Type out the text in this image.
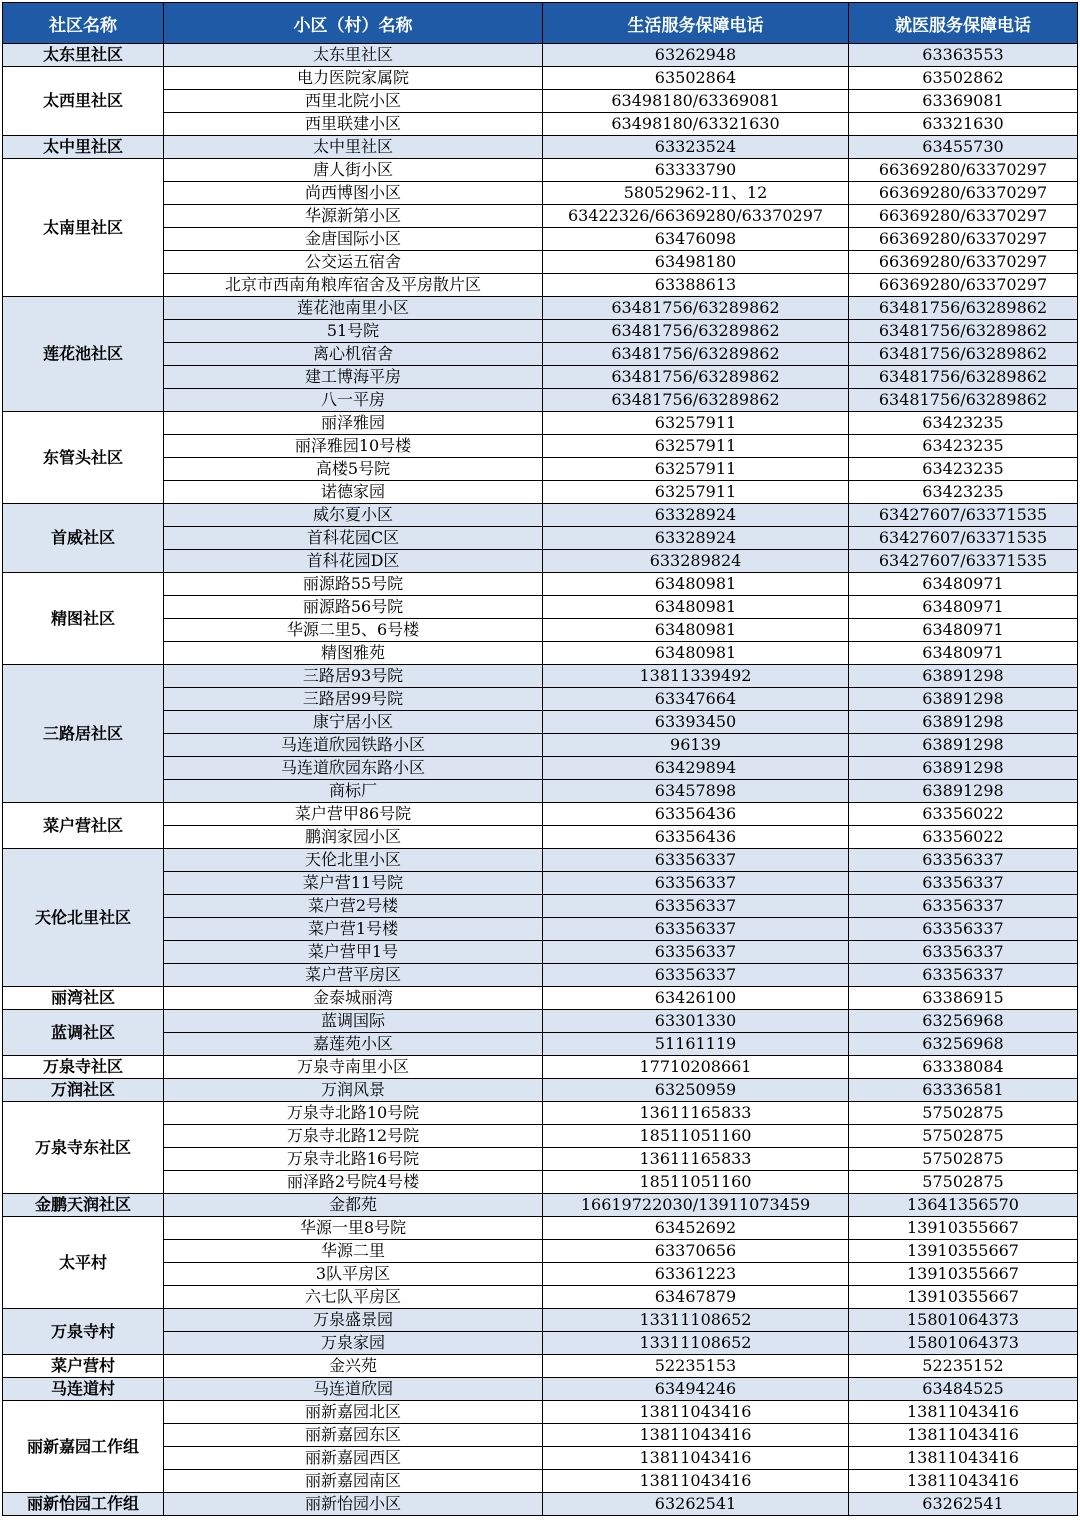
社区名称	小区（村）名称	生活服务保障电话	就医服务保障电话
太东里社区	太东里社区	63262948	63363553
太西里社区	电力医院家属院	63502864	63502862
	西里北院小区	63498180/63369081	63369081
	西里联建小区	63498180/63321630	63321630
太中里社区	太中里社区	63323524	63455730
太南里社区	唐人街小区	63333790	66369280/63370297
	尚西博图小区	58052962-11、12	66369280/63370297
	华源新第小区	63422326/66369280/63370297	66369280/63370297
	金唐国际小区	63476098	66369280/63370297
	公交运五宿舍	63498180	66369280/63370297
	北京市西南角粮库宿舍及平房散片区	63388613	66369280/63370297
莲花池社区	莲花池南里小区	63481756/63289862	63481756/63289862
	51号院	63481756/63289862	63481756/63289862
	离心机宿舍	63481756/63289862	63481756/63289862
	建工博海平房	63481756/63289862	63481756/63289862
	八一平房	63481756/63289862	63481756/63289862
东管头社区	丽泽雅园	63257911	63423235
	丽泽雅园10号楼	63257911	63423235
	高楼5号院	63257911	63423235
	诺德家园	63257911	63423235
首威社区	威尔夏小区	63328924	63427607/63371535
	首科花园C区	63328924	63427607/63371535
	首科花园D区	633289824	63427607/63371535
精图社区	丽源路55号院	63480981	63480971
	丽源路56号院	63480981	63480971
	华源二里5、6号楼	63480981	63480971
	精图雅苑	63480981	63480971
三路居社区	三路居93号院	13811339492	63891298
	三路居99号院	63347664	63891298
	康宁居小区	63393450	63891298
	马连道欣园铁路小区	96139	63891298
	马连道欣园东路小区	63429894	63891298
	商标厂	63457898	63891298
菜户营社区	菜户营甲86号院	63356436	63356022
	鹏润家园小区	63356436	63356022
天伦北里社区	天伦北里小区	63356337	63356337
	菜户营11号院	63356337	63356337
	菜户营2号楼	63356337	63356337
	菜户营1号楼	63356337	63356337
	菜户营甲1号	63356337	63356337
	菜户营平房区	63356337	63356337
丽湾社区	金泰城丽湾	63426100	63386915
蓝调社区	蓝调国际	63301330	63256968
	嘉莲苑小区	51161119	63256968
万泉寺社区	万泉寺南里小区	17710208661	63338084
万润社区	万润风景	63250959	63336581
万泉寺东社区	万泉寺北路10号院	13611165833	57502875
	万泉寺北路12号院	18511051160	57502875
	万泉寺北路16号院	13611165833	57502875
	丽泽路2号院4号楼	18511051160	57502875
金鹏天润社区	金都苑	16619722030/13911073459	13641356570
太平村	华源一里8号院	63452692	13910355667
	华源二里	63370656	13910355667
	3队平房区	63361223	13910355667
	六七队平房区	63467879	13910355667
万泉寺村	万泉盛景园	13311108652	15801064373
	万泉家园	13311108652	15801064373
菜户营村	金兴苑	52235153	52235152
马连道村	马连道欣园	63494246	63484525
丽新嘉园工作组	丽新嘉园北区	13811043416	13811043416
	丽新嘉园东区	13811043416	13811043416
	丽新嘉园西区	13811043416	13811043416
	丽新嘉园南区	13811043416	13811043416
丽新怡园工作组	丽新怡园小区	63262541	63262541
